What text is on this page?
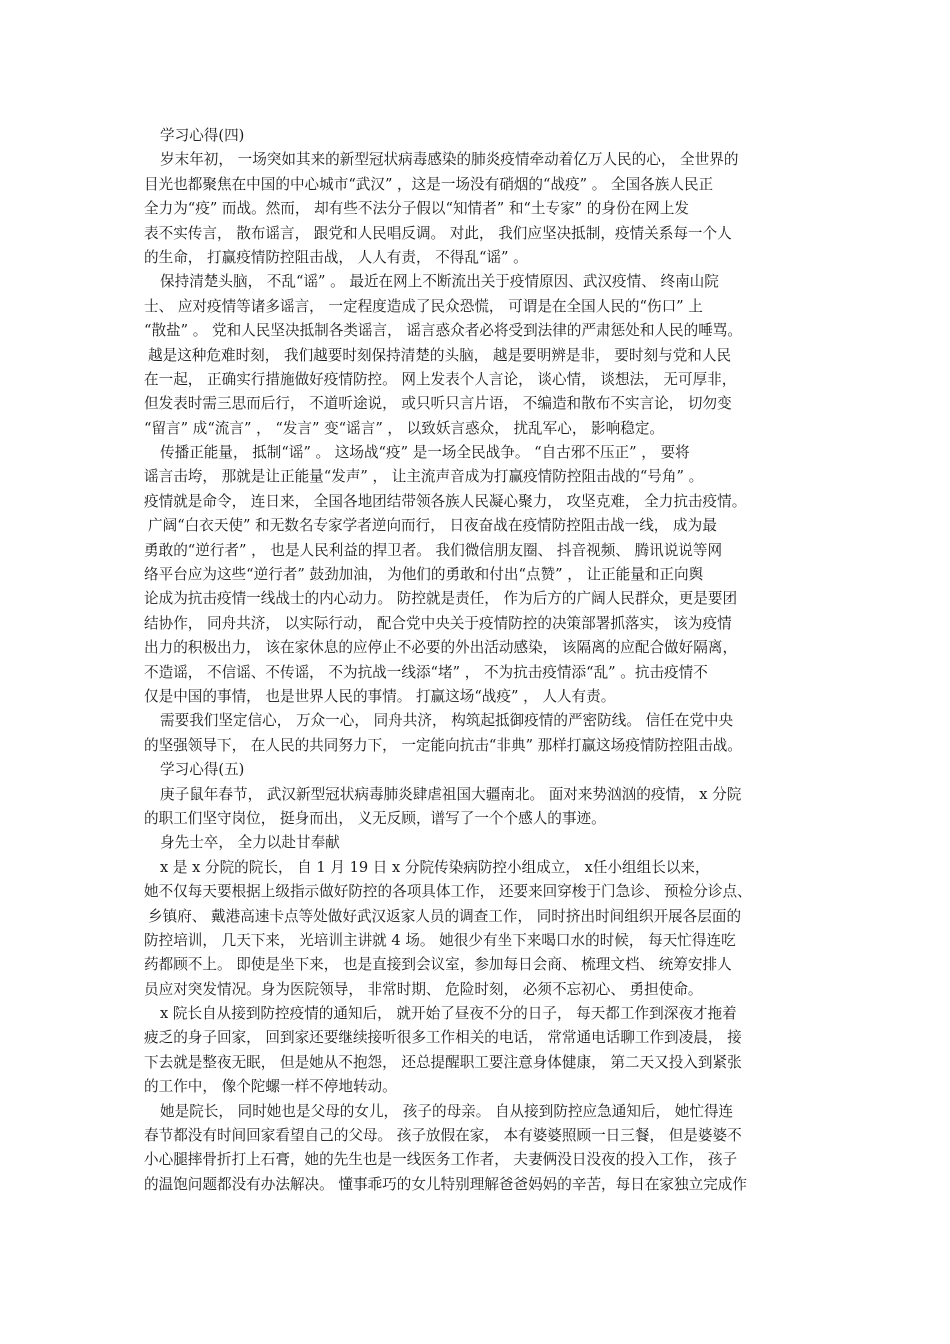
学习心得(四)
岁末年初， 一场突如其来的新型冠状病毒感染的肺炎疫情牵动着亿万人民的心， 全世界的
目光也都聚焦在中国的中心城市“武汉” ，这是一场没有硝烟的“战疫” 。 全国各族人民正
全力为“疫” 而战。然而， 却有些不法分子假以“知情者” 和“土专家” 的身份在网上发
表不实传言， 散布谣言， 跟党和人民唱反调。 对此， 我们应坚决抵制，疫情关系每一个人
的生命， 打赢疫情防控阻击战， 人人有责， 不得乱“谣” 。
保持清楚头脑， 不乱“谣” 。 最近在网上不断流出关于疫情原因、武汉疫情、 终南山院
士、 应对疫情等诸多谣言， 一定程度造成了民众恐慌， 可谓是在全国人民的“伤口” 上
“散盐” 。 党和人民坚决抵制各类谣言， 谣言惑众者必将受到法律的严肃惩处和人民的唾骂。
越是这种危难时刻， 我们越要时刻保持清楚的头脑， 越是要明辨是非， 要时刻与党和人民
在一起， 正确实行措施做好疫情防控。 网上发表个人言论， 谈心情， 谈想法， 无可厚非，
但发表时需三思而后行， 不道听途说， 或只听只言片语， 不编造和散布不实言论， 切勿变
“留言” 成“流言” ， “发言” 变“谣言” ， 以致妖言惑众， 扰乱军心， 影响稳定。
传播正能量， 抵制“谣” 。 这场战“疫” 是一场全民战争。 “自古邪不压正” ， 要将
谣言击垮， 那就是让正能量“发声” ， 让主流声音成为打赢疫情防控阻击战的“号角” 。
疫情就是命令， 连日来， 全国各地团结带领各族人民凝心聚力， 攻坚克难， 全力抗击疫情。
广阔“白衣天使” 和无数名专家学者逆向而行， 日夜奋战在疫情防控阻击战一线， 成为最
勇敢的“逆行者” ， 也是人民利益的捍卫者。 我们微信朋友圈、 抖音视频、 腾讯说说等网
络平台应为这些“逆行者” 鼓劲加油， 为他们的勇敢和付出“点赞” ， 让正能量和正向舆
论成为抗击疫情一线战士的内心动力。 防控就是责任， 作为后方的广阔人民群众，更是要团
结协作， 同舟共济， 以实际行动， 配合党中央关于疫情防控的决策部署抓落实， 该为疫情
出力的积极出力， 该在家休息的应停止不必要的外出活动感染， 该隔离的应配合做好隔离，
不造谣， 不信谣、不传谣， 不为抗战一线添“堵” ， 不为抗击疫情添“乱” 。抗击疫情不
仅是中国的事情， 也是世界人民的事情。 打赢这场“战疫” ， 人人有责。
需要我们坚定信心， 万众一心， 同舟共济， 构筑起抵御疫情的严密防线。 信任在党中央
的坚强领导下， 在人民的共同努力下， 一定能向抗击“非典” 那样打赢这场疫情防控阻击战。
学习心得(五)
庚子鼠年春节， 武汉新型冠状病毒肺炎肆虐祖国大疆南北。 面对来势汹汹的疫情， x 分院
的职工们坚守岗位， 挺身而出， 义无反顾，谱写了一个个感人的事迹。
身先士卒， 全力以赴甘奉献
x 是 x 分院的院长， 自 1 月 19 日 x 分院传染病防控小组成立， x任小组组长以来，
她不仅每天要根据上级指示做好防控的各项具体工作， 还要来回穿梭于门急诊、 预检分诊点、
乡镇府、 戴港高速卡点等处做好武汉返家人员的调查工作， 同时挤出时间组织开展各层面的
防控培训， 几天下来， 光培训主讲就 4 场。 她很少有坐下来喝口水的时候， 每天忙得连吃
药都顾不上。 即使是坐下来， 也是直接到会议室，参加每日会商、 梳理文档、 统筹安排人
员应对突发情况。身为医院领导， 非常时期、 危险时刻， 必须不忘初心、 勇担使命。
x 院长自从接到防控疫情的通知后， 就开始了昼夜不分的日子， 每天都工作到深夜才拖着
疲乏的身子回家， 回到家还要继续接听很多工作相关的电话， 常常通电话聊工作到凌晨， 接
下去就是整夜无眠， 但是她从不抱怨， 还总提醒职工要注意身体健康， 第二天又投入到紧张
的工作中， 像个陀螺一样不停地转动。
她是院长， 同时她也是父母的女儿， 孩子的母亲。 自从接到防控应急通知后， 她忙得连
春节都没有时间回家看望自己的父母。 孩子放假在家， 本有婆婆照顾一日三餐， 但是婆婆不
小心腿摔骨折打上石膏，她的先生也是一线医务工作者， 夫妻俩没日没夜的投入工作， 孩子
的温饱问题都没有办法解决。 懂事乖巧的女儿特别理解爸爸妈妈的辛苦，每日在家独立完成作
